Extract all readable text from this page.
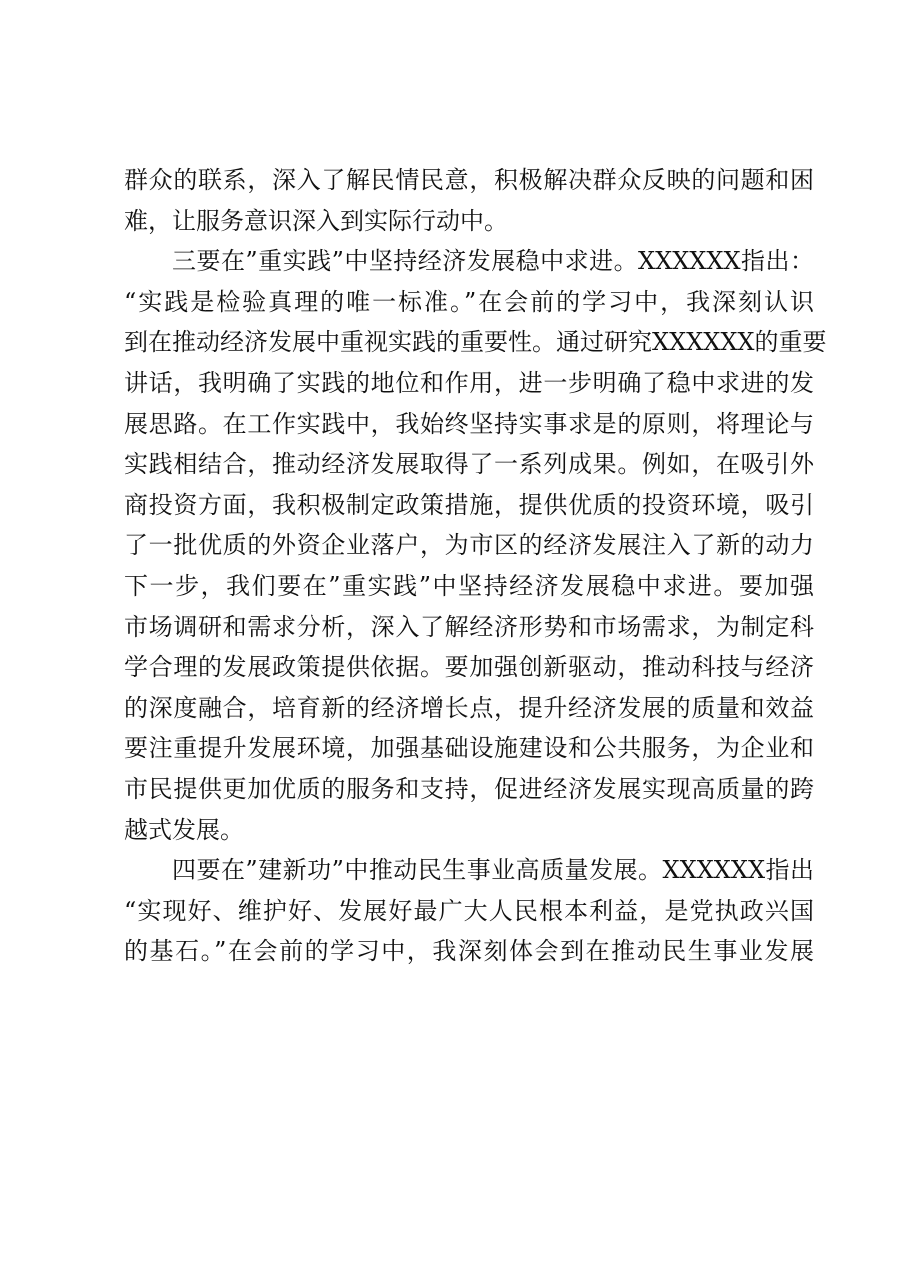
群众的联系，深入了解民情民意，积极解决群众反映的问题和困
难，让服务意识深入到实际行动中。
三要在”重实践”中坚持经济发展稳中求进。XXXXXX指出：
“实践是检验真理的唯一标准。”在会前的学习中，我深刻认识
到在推动经济发展中重视实践的重要性。通过研究XXXXXX的重要
讲话，我明确了实践的地位和作用，进一步明确了稳中求进的发
展思路。在工作实践中，我始终坚持实事求是的原则，将理论与
实践相结合，推动经济发展取得了一系列成果。例如，在吸引外
商投资方面，我积极制定政策措施，提供优质的投资环境，吸引
了一批优质的外资企业落户，为市区的经济发展注入了新的动力
下一步，我们要在”重实践”中坚持经济发展稳中求进。要加强
市场调研和需求分析，深入了解经济形势和市场需求，为制定科
学合理的发展政策提供依据。要加强创新驱动，推动科技与经济
的深度融合，培育新的经济增长点，提升经济发展的质量和效益
要注重提升发展环境，加强基础设施建设和公共服务，为企业和
市民提供更加优质的服务和支持，促进经济发展实现高质量的跨
越式发展。
四要在”建新功”中推动民生事业高质量发展。XXXXXX指出
“实现好、维护好、发展好最广大人民根本利益，是党执政兴国
的基石。”在会前的学习中，我深刻体会到在推动民生事业发展
